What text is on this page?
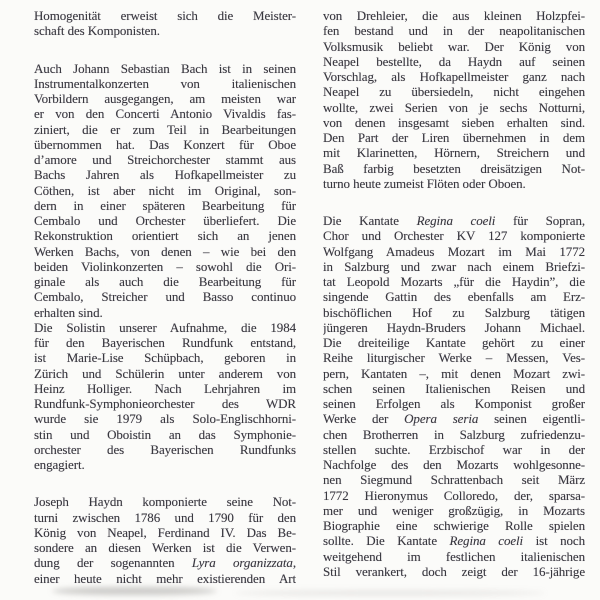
Homogenität erweist sich die Meister-
schaft des Komponisten.
Auch Johann Sebastian Bach ist in seinen
Instrumentalkonzerten von italienischen
Vorbildern ausgegangen, am meisten war
er von den Concerti Antonio Vivaldis fas-
ziniert, die er zum Teil in Bearbeitungen
übernommen hat. Das Konzert für Oboe
d’amore und Streichorchester stammt aus
Bachs Jahren als Hofkapellmeister zu
Cöthen, ist aber nicht im Original, son-
dern in einer späteren Bearbeitung für
Cembalo und Orchester überliefert. Die
Rekonstruktion orientiert sich an jenen
Werken Bachs, von denen – wie bei den
beiden Violinkonzerten – sowohl die Ori-
ginale als auch die Bearbeitung für
Cembalo, Streicher und Basso continuo
erhalten sind.
Die Solistin unserer Aufnahme, die 1984
für den Bayerischen Rundfunk entstand,
ist Marie-Lise Schüpbach, geboren in
Zürich und Schülerin unter anderem von
Heinz Holliger. Nach Lehrjahren im
Rundfunk-Symphonieorchester des WDR
wurde sie 1979 als Solo-Englischhorni-
stin und Oboistin an das Symphonie-
orchester des Bayerischen Rundfunks
engagiert.
Joseph Haydn komponierte seine Not-
turni zwischen 1786 und 1790 für den
König von Neapel, Ferdinand IV. Das Be-
sondere an diesen Werken ist die Verwen-
dung der sogenannten Lyra organizzata,
einer heute nicht mehr existierenden Art
von Drehleier, die aus kleinen Holzpfei-
fen bestand und in der neapolitanischen
Volksmusik beliebt war. Der König von
Neapel bestellte, da Haydn auf seinen
Vorschlag, als Hofkapellmeister ganz nach
Neapel zu übersiedeln, nicht eingehen
wollte, zwei Serien von je sechs Notturni,
von denen insgesamt sieben erhalten sind.
Den Part der Liren übernehmen in dem
mit Klarinetten, Hörnern, Streichern und
Baß farbig besetzten dreisätzigen Not-
turno heute zumeist Flöten oder Oboen.
Die Kantate Regina coeli für Sopran,
Chor und Orchester KV 127 komponierte
Wolfgang Amadeus Mozart im Mai 1772
in Salzburg und zwar nach einem Briefzi-
tat Leopold Mozarts „für die Haydin”, die
singende Gattin des ebenfalls am Erz-
bischöflichen Hof zu Salzburg tätigen
jüngeren Haydn-Bruders Johann Michael.
Die dreiteilige Kantate gehört zu einer
Reihe liturgischer Werke – Messen, Ves-
pern, Kantaten –, mit denen Mozart zwi-
schen seinen Italienischen Reisen und
seinen Erfolgen als Komponist großer
Werke der Opera seria seinen eigentli-
chen Brotherren in Salzburg zufriedenzu-
stellen suchte. Erzbischof war in der
Nachfolge des den Mozarts wohlgesonne-
nen Siegmund Schrattenbach seit März
1772 Hieronymus Colloredo, der, sparsa-
mer und weniger großzügig, in Mozarts
Biographie eine schwierige Rolle spielen
sollte. Die Kantate Regina coeli ist noch
weitgehend im festlichen italienischen
Stil verankert, doch zeigt der 16-jährige
